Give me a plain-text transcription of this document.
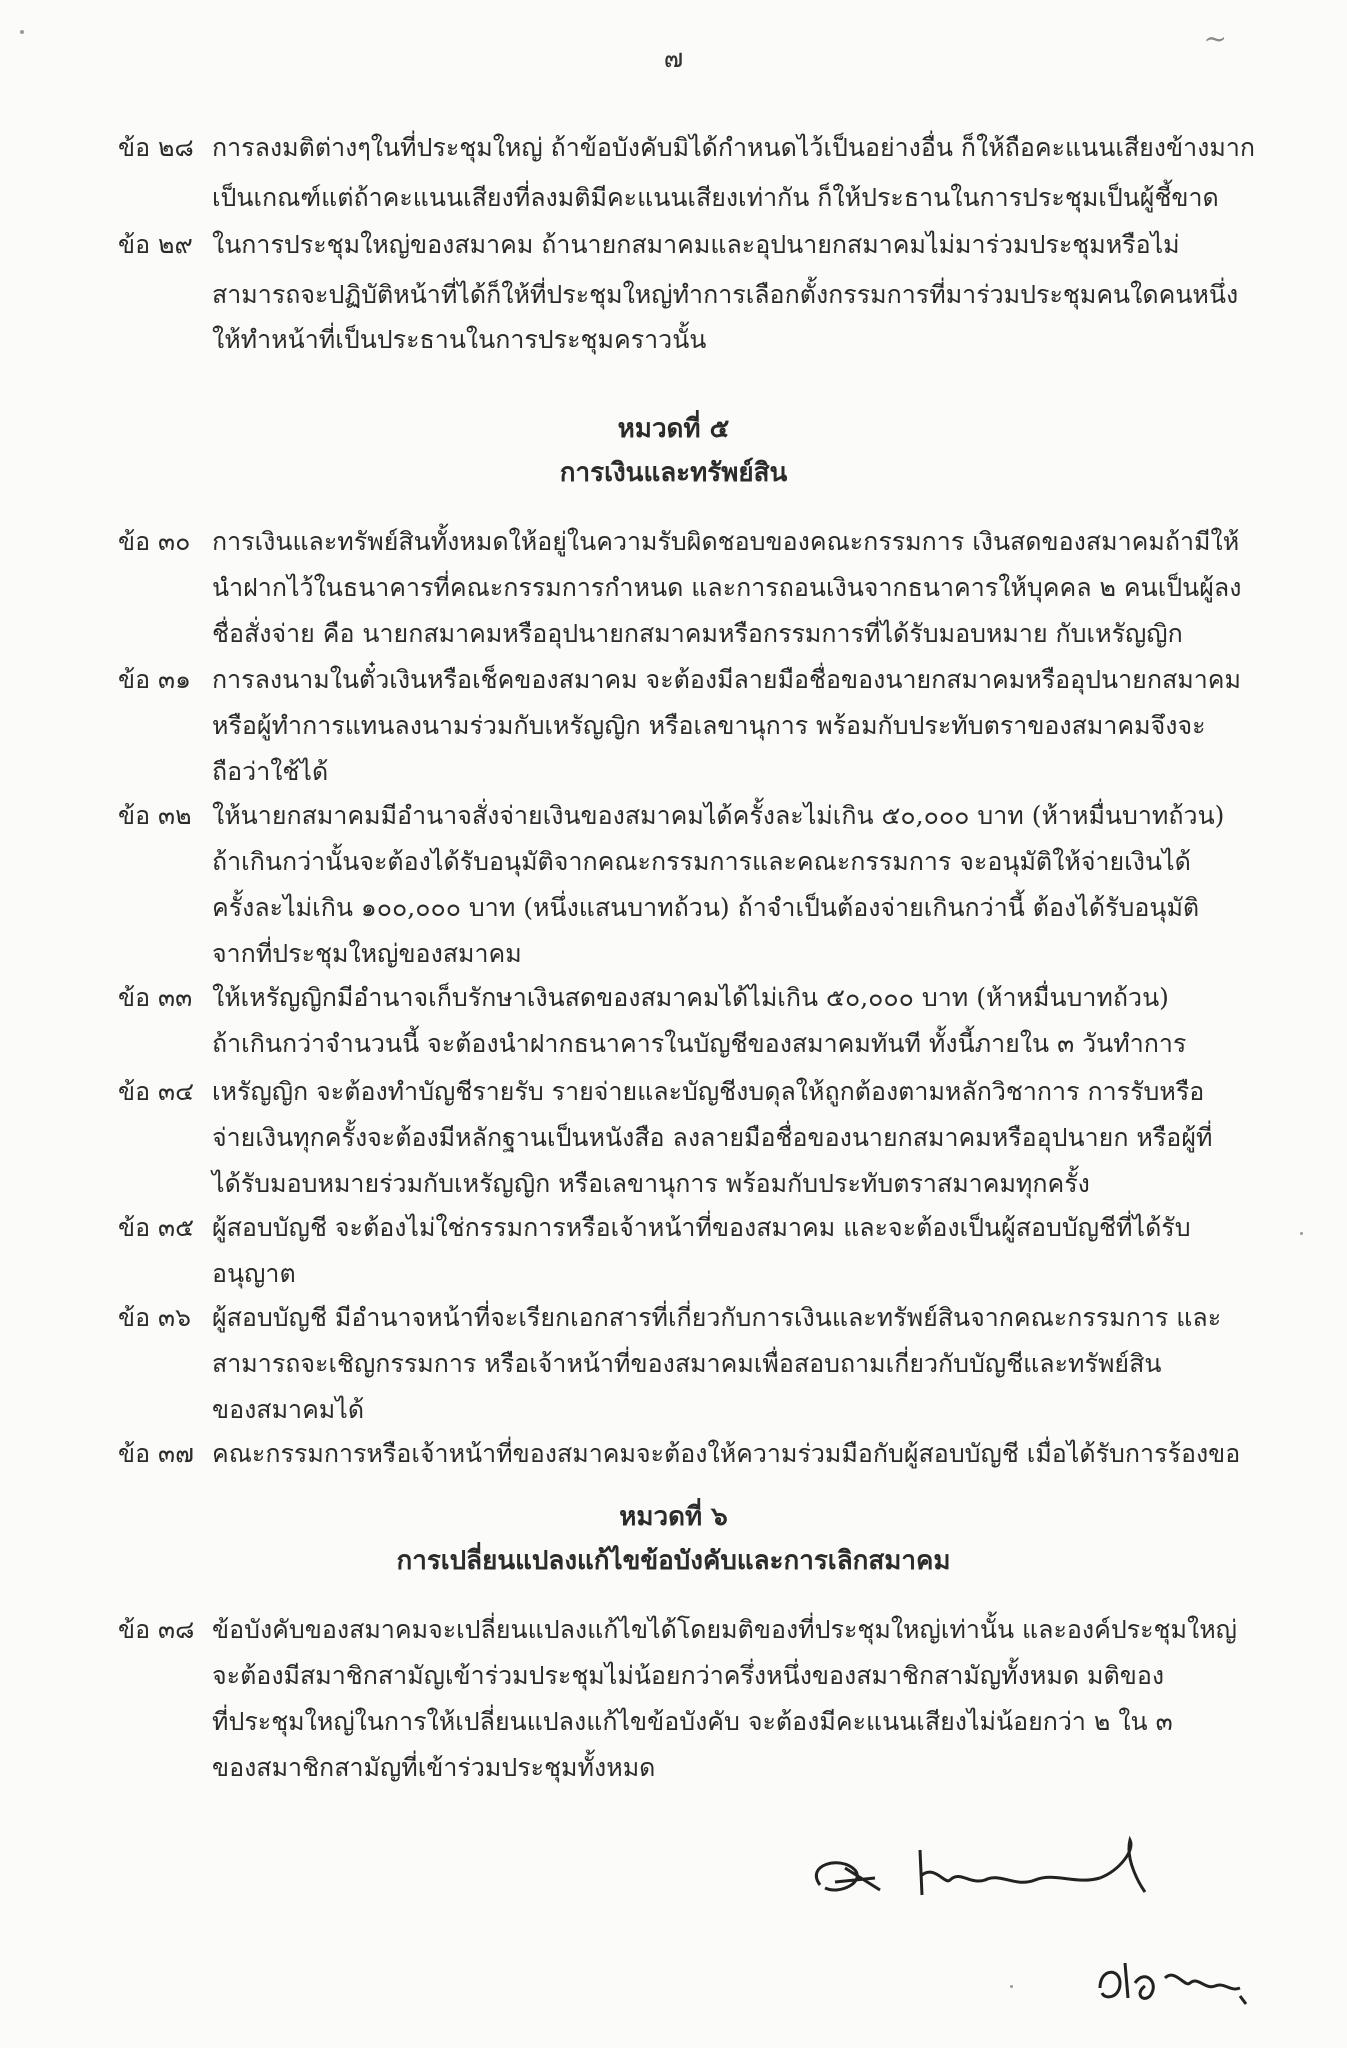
๗
~
ข้อ ๒๘ การลงมติต่างๆในที่ประชุมใหญ่ ถ้าข้อบังคับมิได้กำหนดไว้เป็นอย่างอื่น ก็ให้ถือคะแนนเสียงข้างมาก
เป็นเกณฑ์แต่ถ้าคะแนนเสียงที่ลงมติมีคะแนนเสียงเท่ากัน ก็ให้ประธานในการประชุมเป็นผู้ชี้ขาด
ข้อ ๒๙ ในการประชุมใหญ่ของสมาคม ถ้านายกสมาคมและอุปนายกสมาคมไม่มาร่วมประชุมหรือไม่
สามารถจะปฏิบัติหน้าที่ได้ก็ให้ที่ประชุมใหญ่ทำการเลือกตั้งกรรมการที่มาร่วมประชุมคนใดคนหนึ่ง
ให้ทำหน้าที่เป็นประธานในการประชุมคราวนั้น
หมวดที่ ๕
การเงินและทรัพย์สิน
ข้อ ๓๐ การเงินและทรัพย์สินทั้งหมดให้อยู่ในความรับผิดชอบของคณะกรรมการ เงินสดของสมาคมถ้ามีให้
นำฝากไว้ในธนาคารที่คณะกรรมการกำหนด และการถอนเงินจากธนาคารให้บุคคล ๒ คนเป็นผู้ลง
ชื่อสั่งจ่าย คือ นายกสมาคมหรืออุปนายกสมาคมหรือกรรมการที่ได้รับมอบหมาย กับเหรัญญิก
ข้อ ๓๑ การลงนามในตั๋วเงินหรือเช็คของสมาคม จะต้องมีลายมือชื่อของนายกสมาคมหรืออุปนายกสมาคม
หรือผู้ทำการแทนลงนามร่วมกับเหรัญญิก หรือเลขานุการ พร้อมกับประทับตราของสมาคมจึงจะ
ถือว่าใช้ได้
ข้อ ๓๒ ให้นายกสมาคมมีอำนาจสั่งจ่ายเงินของสมาคมได้ครั้งละไม่เกิน ๕๐,๐๐๐ บาท (ห้าหมื่นบาทถ้วน)
ถ้าเกินกว่านั้นจะต้องได้รับอนุมัติจากคณะกรรมการและคณะกรรมการ จะอนุมัติให้จ่ายเงินได้
ครั้งละไม่เกิน ๑๐๐,๐๐๐ บาท (หนึ่งแสนบาทถ้วน) ถ้าจำเป็นต้องจ่ายเกินกว่านี้ ต้องได้รับอนุมัติ
จากที่ประชุมใหญ่ของสมาคม
ข้อ ๓๓ ให้เหรัญญิกมีอำนาจเก็บรักษาเงินสดของสมาคมได้ไม่เกิน ๕๐,๐๐๐ บาท (ห้าหมื่นบาทถ้วน)
ถ้าเกินกว่าจำนวนนี้ จะต้องนำฝากธนาคารในบัญชีของสมาคมทันที ทั้งนี้ภายใน ๓ วันทำการ
ข้อ ๓๔ เหรัญญิก จะต้องทำบัญชีรายรับ รายจ่ายและบัญชีงบดุลให้ถูกต้องตามหลักวิชาการ การรับหรือ
จ่ายเงินทุกครั้งจะต้องมีหลักฐานเป็นหนังสือ ลงลายมือชื่อของนายกสมาคมหรืออุปนายก หรือผู้ที่
ได้รับมอบหมายร่วมกับเหรัญญิก หรือเลขานุการ พร้อมกับประทับตราสมาคมทุกครั้ง
ข้อ ๓๕ ผู้สอบบัญชี จะต้องไม่ใช่กรรมการหรือเจ้าหน้าที่ของสมาคม และจะต้องเป็นผู้สอบบัญชีที่ได้รับ
อนุญาต
ข้อ ๓๖ ผู้สอบบัญชี มีอำนาจหน้าที่จะเรียกเอกสารที่เกี่ยวกับการเงินและทรัพย์สินจากคณะกรรมการ และ
สามารถจะเชิญกรรมการ หรือเจ้าหน้าที่ของสมาคมเพื่อสอบถามเกี่ยวกับบัญชีและทรัพย์สิน
ของสมาคมได้
ข้อ ๓๗ คณะกรรมการหรือเจ้าหน้าที่ของสมาคมจะต้องให้ความร่วมมือกับผู้สอบบัญชี เมื่อได้รับการร้องขอ
หมวดที่ ๖
การเปลี่ยนแปลงแก้ไขข้อบังคับและการเลิกสมาคม
ข้อ ๓๘ ข้อบังคับของสมาคมจะเปลี่ยนแปลงแก้ไขได้โดยมติของที่ประชุมใหญ่เท่านั้น และองค์ประชุมใหญ่
จะต้องมีสมาชิกสามัญเข้าร่วมประชุมไม่น้อยกว่าครึ่งหนึ่งของสมาชิกสามัญทั้งหมด มติของ
ที่ประชุมใหญ่ในการให้เปลี่ยนแปลงแก้ไขข้อบังคับ จะต้องมีคะแนนเสียงไม่น้อยกว่า ๒ ใน ๓
ของสมาชิกสามัญที่เข้าร่วมประชุมทั้งหมด
